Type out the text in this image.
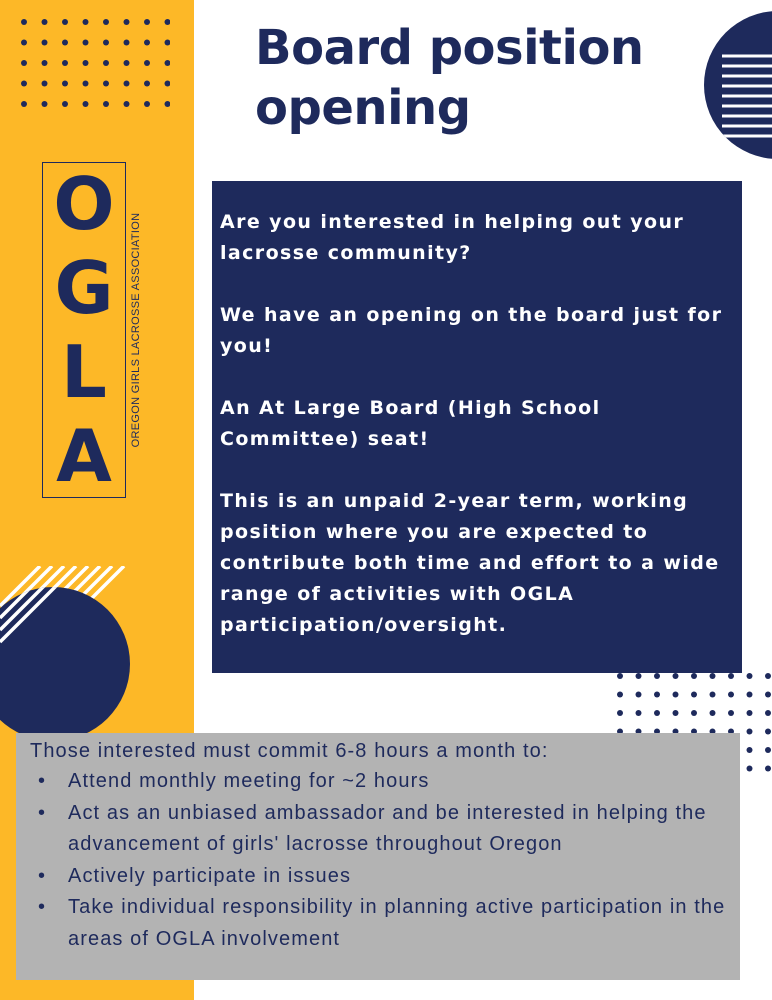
Board position
opening
O
G
L
A
OREGON GIRLS LACROSSE ASSOCIATION	Are you interested in helping out your lacrosse community?

We have an opening on the board just for you!

An At Large Board (High School Committee) seat!

This is an unpaid 2-year term, working position where you are expected to contribute both time and effort to a wide range of activities with OGLA participation/oversight.

Those interested must commit 6-8 hours a month to:
•	Attend monthly meeting for ~2 hours
•	Act as an unbiased ambassador and be interested in helping the advancement of girls' lacrosse throughout Oregon
•	Actively participate in issues
•	Take individual responsibility in planning active participation in the areas of OGLA involvement
